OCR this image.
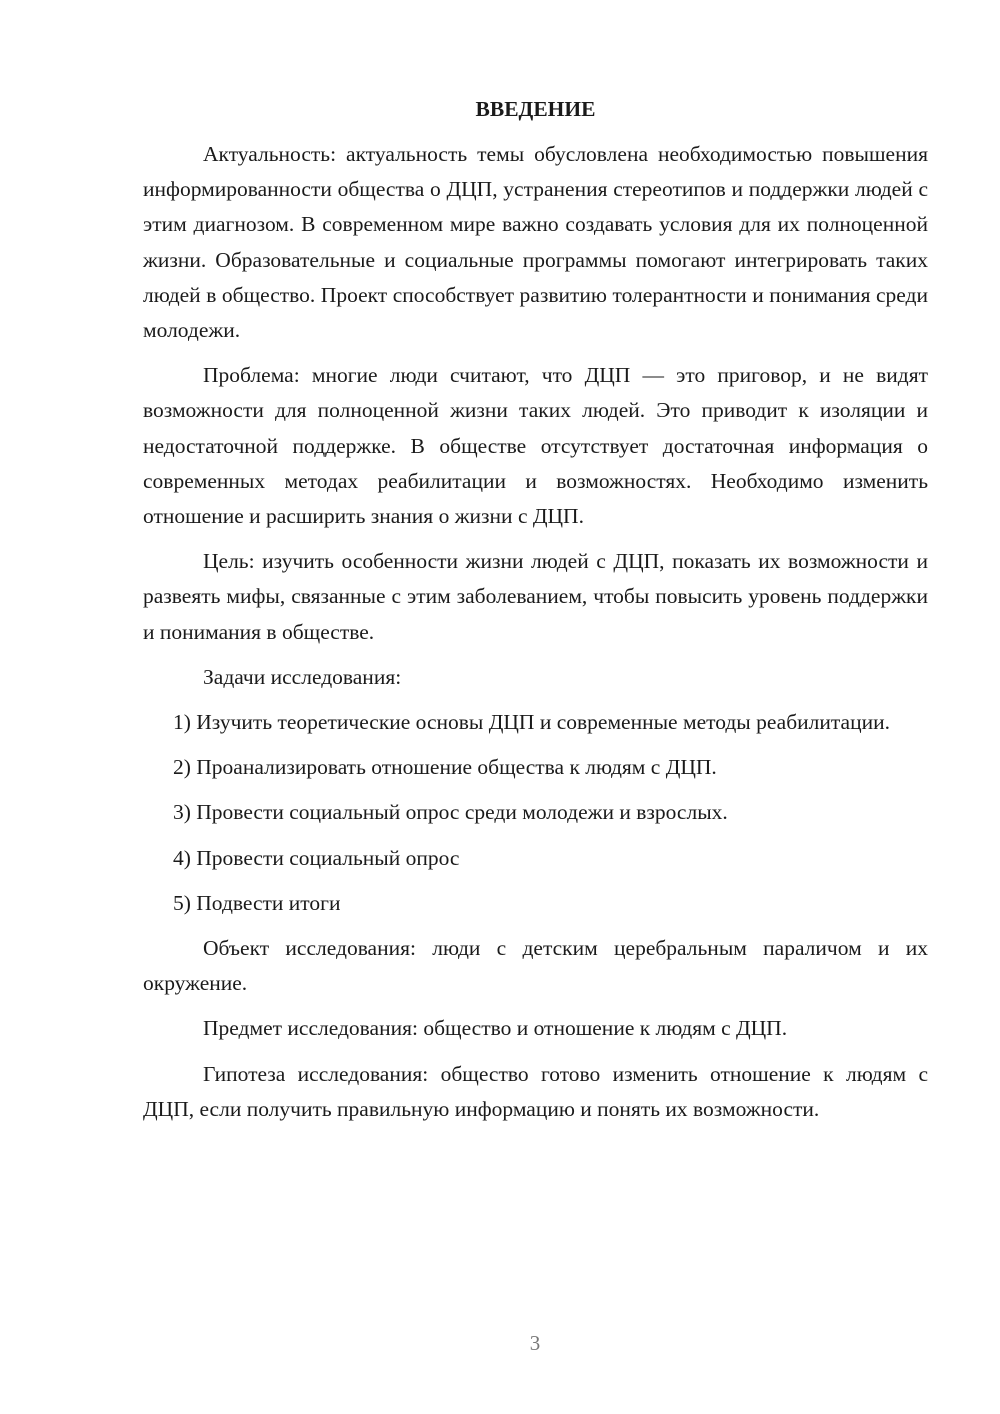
ВВЕДЕНИЕ

Актуальность: актуальность темы обусловлена необходимостью повышения информированности общества о ДЦП, устранения стереотипов и поддержки людей с этим диагнозом. В современном мире важно создавать условия для их полноценной жизни. Образовательные и социальные программы помогают интегрировать таких людей в общество. Проект способствует развитию толерантности и понимания среди молодежи.

Проблема: многие люди считают, что ДЦП — это приговор, и не видят возможности для полноценной жизни таких людей. Это приводит к изоляции и недостаточной поддержке. В обществе отсутствует достаточная информация о современных методах реабилитации и возможностях. Необходимо изменить отношение и расширить знания о жизни с ДЦП.

Цель: изучить особенности жизни людей с ДЦП, показать их возможности и развеять мифы, связанные с этим заболеванием, чтобы повысить уровень поддержки и понимания в обществе.

Задачи исследования:

1) Изучить теоретические основы ДЦП и современные методы реабилитации.

2) Проанализировать отношение общества к людям с ДЦП.

3) Провести социальный опрос среди молодежи и взрослых.

4) Провести социальный опрос

5) Подвести итоги

Объект исследования: люди с детским церебральным параличом и их окружение.

Предмет исследования: общество и отношение к людям с ДЦП.

Гипотеза исследования: общество готово изменить отношение к людям с ДЦП, если получить правильную информацию и понять их возможности.

3
